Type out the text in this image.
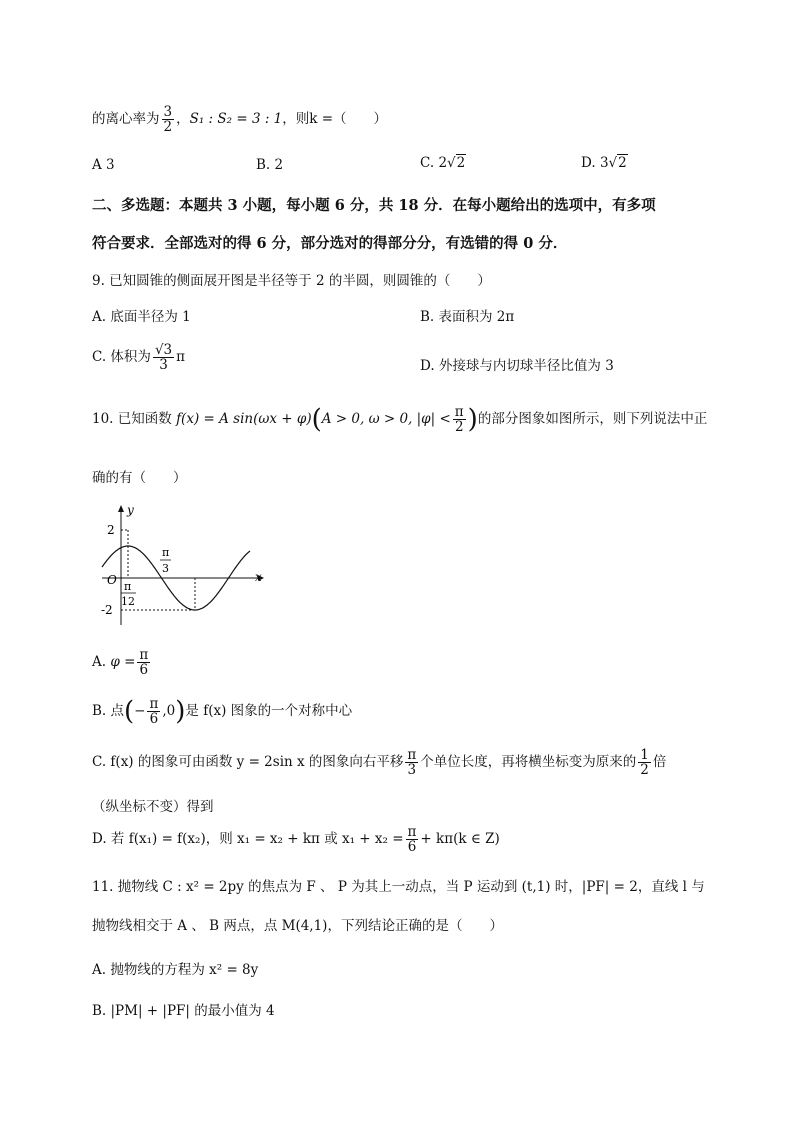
的离心率为 $\frac{3}{2}$ ，S₁ : S₂ = 3 : 1，则k =（　　）
A 3	B. 2	C. 2√2	D. 3√2
二、多选题：本题共 3 小题，每小题 6 分，共 18 分．在每小题给出的选项中，有多项
符合要求．全部选对的得 6 分，部分选对的得部分分，有选错的得 0 分．
9. 已知圆锥的侧面展开图是半径等于 2 的半圆，则圆锥的（　　）
A. 底面半径为 1	B. 表面积为 2π
C. 体积为 $\frac{√3}{3}$ π
D. 外接球与内切球半径比值为 3
10. 已知函数 f(x) = A sin(ωx + φ)(A > 0, ω > 0, $|\varphi| < \frac{\pi}{2}$ )的部分图象如图所示，则下列说法中正
确的有（　　）
y
x
O
2
-2
π
12
π
3
A. $\varphi = \frac{\pi}{6}$
B. 点(− $\frac{\pi}{6} ,0$)是 f(x) 图象的一个对称中心
C. f(x) 的图象可由函数 y = 2sin x 的图象向右平移 $\frac{\pi}{3}$ 个单位长度，再将横坐标变为原来的 $\frac{1}{2}$ 倍
（纵坐标不变）得到
D. 若 f(x₁) = f(x₂)，则 x₁ = x₂ + kπ 或 $x_1 + x_2 = \frac{\pi}{6} + k\pi(k$ ∈ Z)
11. 抛物线 C : x² = 2py 的焦点为 F 、 P 为其上一动点，当 P 运动到 (t,1) 时，|PF| = 2，直线 l 与
抛物线相交于 A 、 B 两点，点 M(4,1)，下列结论正确的是（　　）
A. 抛物线的方程为 x² = 8y
B. |PM| + |PF| 的最小值为 4
